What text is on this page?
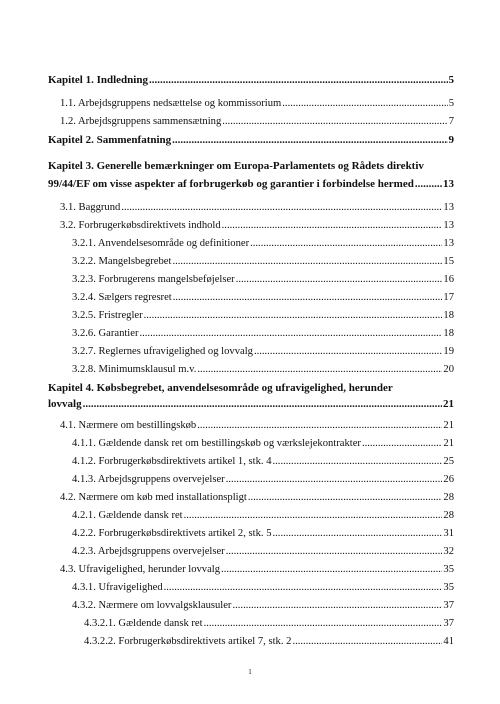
Kapitel 1. Indledning .....	5
1.1. Arbejdsgruppens nedsættelse og kommissorium .....	5
1.2. Arbejdsgruppens sammensætning .....	7
Kapitel 2. Sammenfatning .....	9
Kapitel 3. Generelle bemærkninger om Europa-Parlamentets og Rådets direktiv
99/44/EF om visse aspekter af forbrugerkøb og garantier i forbindelse hermed .....	13
3.1. Baggrund .....	13
3.2. Forbrugerkøbsdirektivets indhold .....	13
3.2.1. Anvendelsesområde og definitioner .....	13
3.2.2. Mangelsbegrebet .....	15
3.2.3. Forbrugerens mangelsbeføjelser .....	16
3.2.4. Sælgers regresret .....	17
3.2.5. Fristregler .....	18
3.2.6. Garantier .....	18
3.2.7. Reglernes ufravigelighed og lovvalg .....	19
3.2.8. Minimumsklausul m.v. .....	20
Kapitel 4. Købsbegrebet, anvendelsesområde og ufravigelighed, herunder
lovvalg .....	21
4.1. Nærmere om bestillingskøb .....	21
4.1.1. Gældende dansk ret om bestillingskøb og værkslejekontrakter .....	21
4.1.2. Forbrugerkøbsdirektivets artikel 1, stk. 4 .....	25
4.1.3. Arbejdsgruppens overvejelser .....	26
4.2. Nærmere om køb med installationspligt .....	28
4.2.1. Gældende dansk ret .....	28
4.2.2. Forbrugerkøbsdirektivets artikel 2, stk. 5 .....	31
4.2.3. Arbejdsgruppens overvejelser .....	32
4.3. Ufravigelighed, herunder lovvalg .....	35
4.3.1. Ufravigelighed .....	35
4.3.2. Nærmere om lovvalgsklausuler .....	37
4.3.2.1. Gældende dansk ret .....	37
4.3.2.2. Forbrugerkøbsdirektivets artikel 7, stk. 2 .....	41
1
